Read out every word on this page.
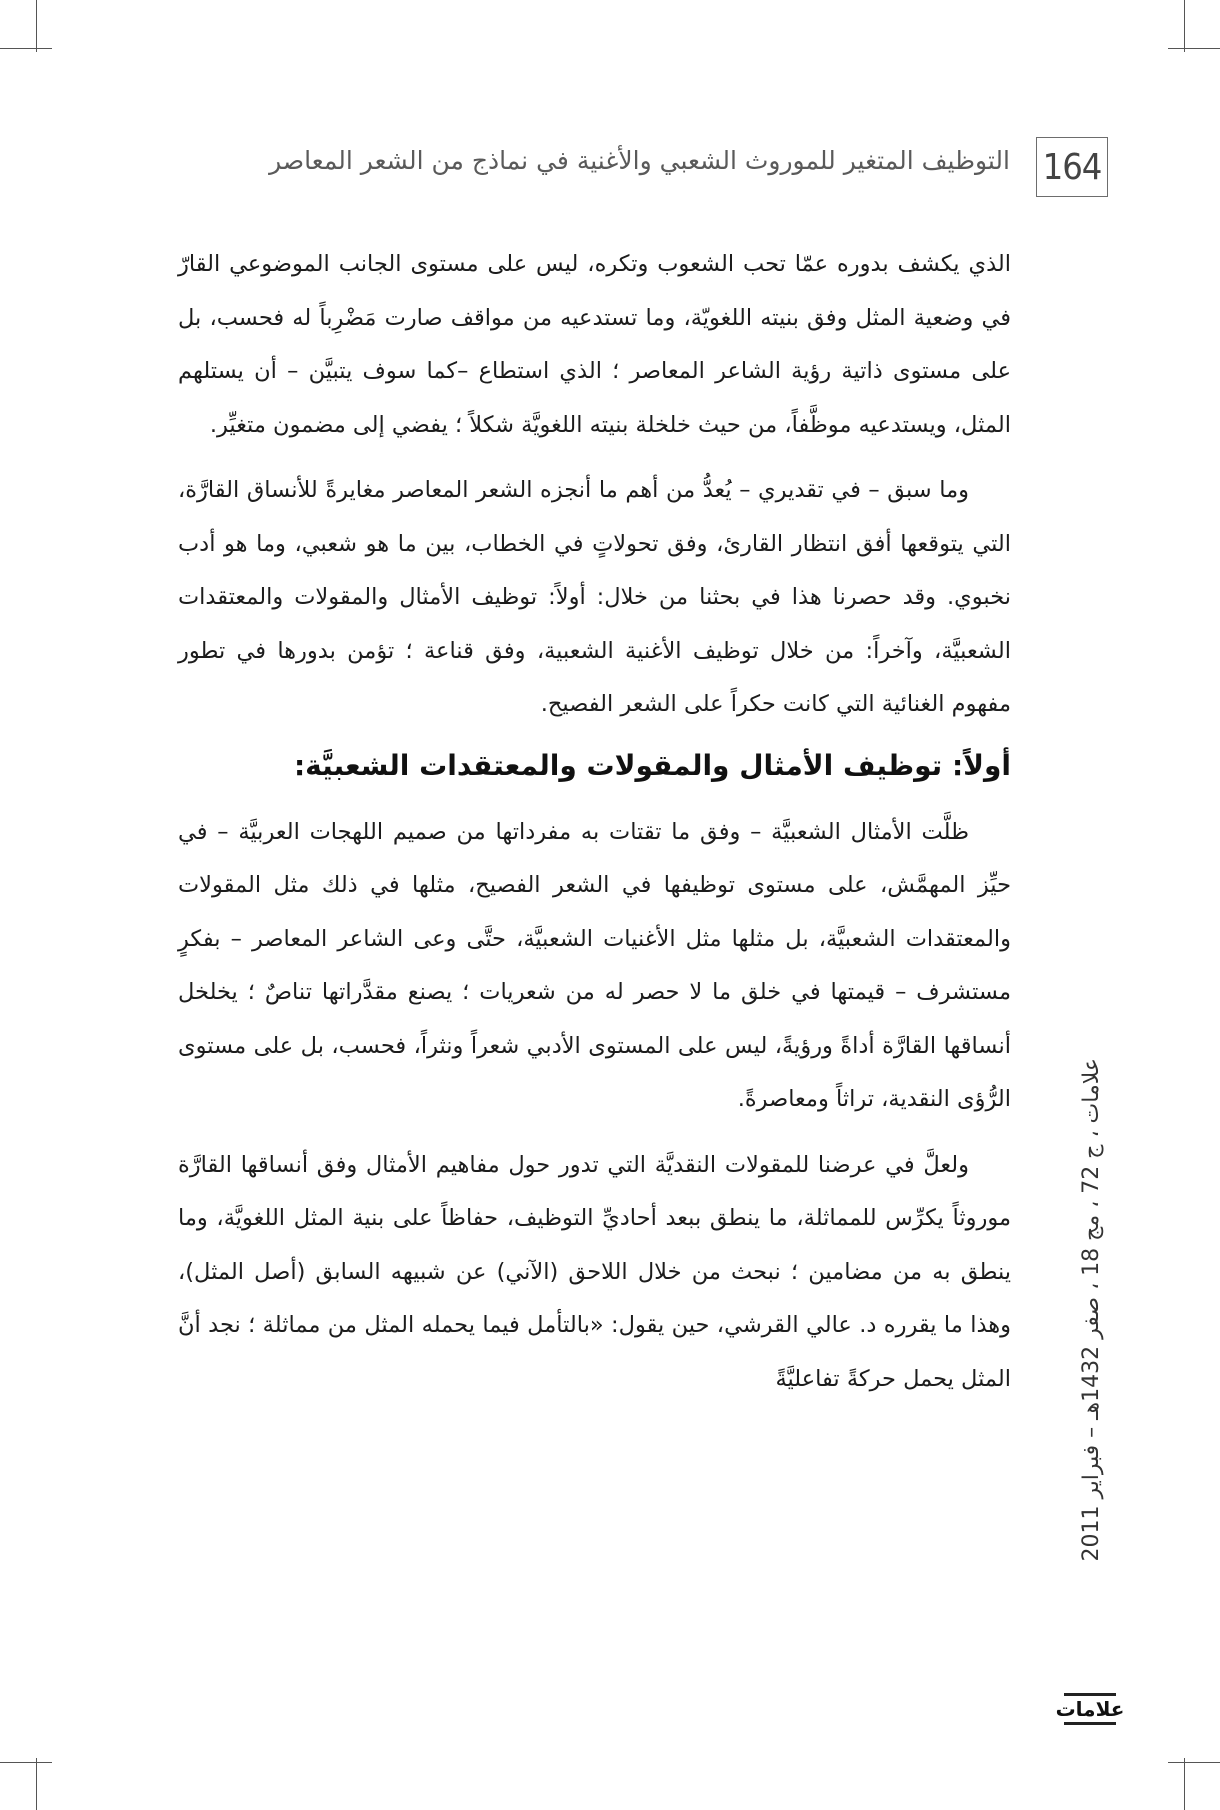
164
التوظيف المتغير للموروث الشعبي والأغنية في نماذج من الشعر المعاصر

الذي يكشف بدوره عمّا تحب الشعوب وتكره، ليس على مستوى الجانب الموضوعي القارّ في وضعية المثل وفق بنيته اللغويّة، وما تستدعيه من مواقف صارت مَضْرِباً له فحسب، بل على مستوى ذاتية رؤية الشاعر المعاصر ؛ الذي استطاع –كما سوف يتبيَّن – أن يستلهم المثل، ويستدعيه موظَّفاً، من حيث خلخلة بنيته اللغويَّة شكلاً ؛ يفضي إلى مضمون متغيِّر.

وما سبق – في تقديري – يُعدُّ من أهم ما أنجزه الشعر المعاصر مغايرةً للأنساق القارَّة، التي يتوقعها أفق انتظار القارئ، وفق تحولاتٍ في الخطاب، بين ما هو شعبي، وما هو أدب نخبوي. وقد حصرنا هذا في بحثنا من خلال: أولاً: توظيف الأمثال والمقولات والمعتقدات الشعبيَّة، وآخراً: من خلال توظيف الأغنية الشعبية، وفق قناعة ؛ تؤمن بدورها في تطور مفهوم الغنائية التي كانت حكراً على الشعر الفصيح.

أولاً: توظيف الأمثال والمقولات والمعتقدات الشعبيَّة:

ظلَّت الأمثال الشعبيَّة – وفق ما تقتات به مفرداتها من صميم اللهجات العربيَّة – في حيِّز المهمَّش، على مستوى توظيفها في الشعر الفصيح، مثلها في ذلك مثل المقولات والمعتقدات الشعبيَّة، بل مثلها مثل الأغنيات الشعبيَّة، حتَّى وعى الشاعر المعاصر – بفكرٍ مستشرف – قيمتها في خلق ما لا حصر له من شعريات ؛ يصنع مقدَّراتها تناصٌ ؛ يخلخل أنساقها القارَّة أداةً ورؤيةً، ليس على المستوى الأدبي شعراً ونثراً، فحسب، بل على مستوى الرُّؤى النقدية، تراثاً ومعاصرةً.

ولعلَّ في عرضنا للمقولات النقديَّة التي تدور حول مفاهيم الأمثال وفق أنساقها القارَّة موروثاً يكرِّس للمماثلة، ما ينطق ببعد أحاديِّ التوظيف، حفاظاً على بنية المثل اللغويَّة، وما ينطق به من مضامين ؛ نبحث من خلال اللاحق (الآني) عن شبيهه السابق (أصل المثل)، وهذا ما يقرره د. عالي القرشي، حين يقول: «بالتأمل فيما يحمله المثل من مماثلة ؛ نجد أنَّ المثل يحمل حركةً تفاعليَّةً

علامات ، ج 72 ، مج 18 ، صفر 1432هـ – فبراير 2011
علامات
